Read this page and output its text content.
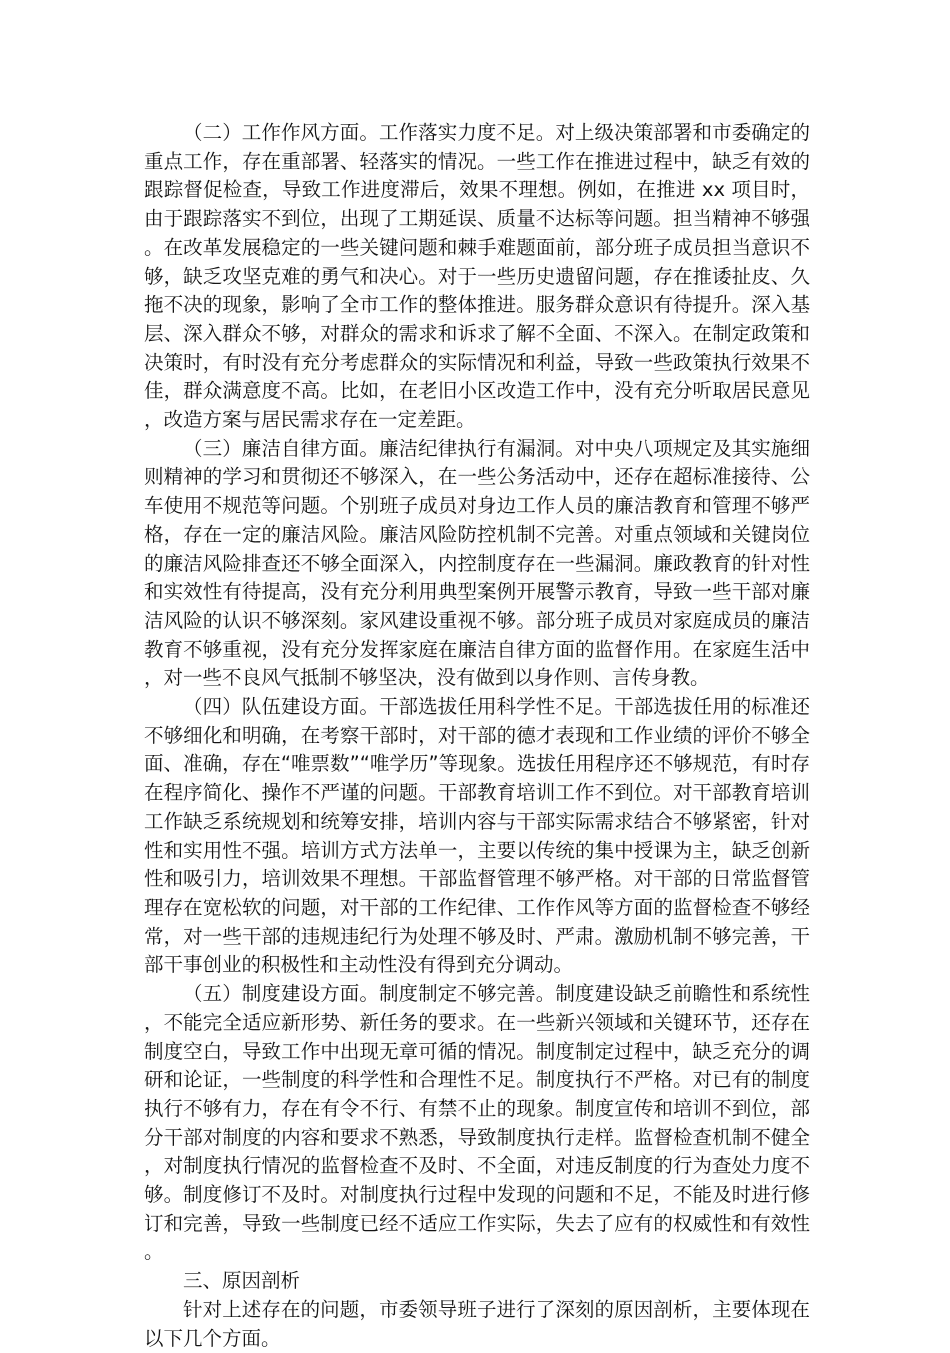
（二）工作作风方面。工作落实力度不足。对上级决策部署和市委确定的重点工作，存在重部署、轻落实的情况。一些工作在推进过程中，缺乏有效的跟踪督促检查，导致工作进度滞后，效果不理想。例如，在推进 xx 项目时，由于跟踪落实不到位，出现了工期延误、质量不达标等问题。担当精神不够强。在改革发展稳定的一些关键问题和棘手难题面前，部分班子成员担当意识不够，缺乏攻坚克难的勇气和决心。对于一些历史遗留问题，存在推诿扯皮、久拖不决的现象，影响了全市工作的整体推进。服务群众意识有待提升。深入基层、深入群众不够，对群众的需求和诉求了解不全面、不深入。在制定政策和决策时，有时没有充分考虑群众的实际情况和利益，导致一些政策执行效果不佳，群众满意度不高。比如，在老旧小区改造工作中，没有充分听取居民意见，改造方案与居民需求存在一定差距。

（三）廉洁自律方面。廉洁纪律执行有漏洞。对中央八项规定及其实施细则精神的学习和贯彻还不够深入，在一些公务活动中，还存在超标准接待、公车使用不规范等问题。个别班子成员对身边工作人员的廉洁教育和管理不够严格，存在一定的廉洁风险。廉洁风险防控机制不完善。对重点领域和关键岗位的廉洁风险排查还不够全面深入，内控制度存在一些漏洞。廉政教育的针对性和实效性有待提高，没有充分利用典型案例开展警示教育，导致一些干部对廉洁风险的认识不够深刻。家风建设重视不够。部分班子成员对家庭成员的廉洁教育不够重视，没有充分发挥家庭在廉洁自律方面的监督作用。在家庭生活中，对一些不良风气抵制不够坚决，没有做到以身作则、言传身教。

（四）队伍建设方面。干部选拔任用科学性不足。干部选拔任用的标准还不够细化和明确，在考察干部时，对干部的德才表现和工作业绩的评价不够全面、准确，存在“唯票数”“唯学历”等现象。选拔任用程序还不够规范，有时存在程序简化、操作不严谨的问题。干部教育培训工作不到位。对干部教育培训工作缺乏系统规划和统筹安排，培训内容与干部实际需求结合不够紧密，针对性和实用性不强。培训方式方法单一，主要以传统的集中授课为主，缺乏创新性和吸引力，培训效果不理想。干部监督管理不够严格。对干部的日常监督管理存在宽松软的问题，对干部的工作纪律、工作作风等方面的监督检查不够经常，对一些干部的违规违纪行为处理不够及时、严肃。激励机制不够完善，干部干事创业的积极性和主动性没有得到充分调动。

（五）制度建设方面。制度制定不够完善。制度建设缺乏前瞻性和系统性，不能完全适应新形势、新任务的要求。在一些新兴领域和关键环节，还存在制度空白，导致工作中出现无章可循的情况。制度制定过程中，缺乏充分的调研和论证，一些制度的科学性和合理性不足。制度执行不严格。对已有的制度执行不够有力，存在有令不行、有禁不止的现象。制度宣传和培训不到位，部分干部对制度的内容和要求不熟悉，导致制度执行走样。监督检查机制不健全，对制度执行情况的监督检查不及时、不全面，对违反制度的行为查处力度不够。制度修订不及时。对制度执行过程中发现的问题和不足，不能及时进行修订和完善，导致一些制度已经不适应工作实际，失去了应有的权威性和有效性。

三、原因剖析

针对上述存在的问题，市委领导班子进行了深刻的原因剖析，主要体现在以下几个方面。
